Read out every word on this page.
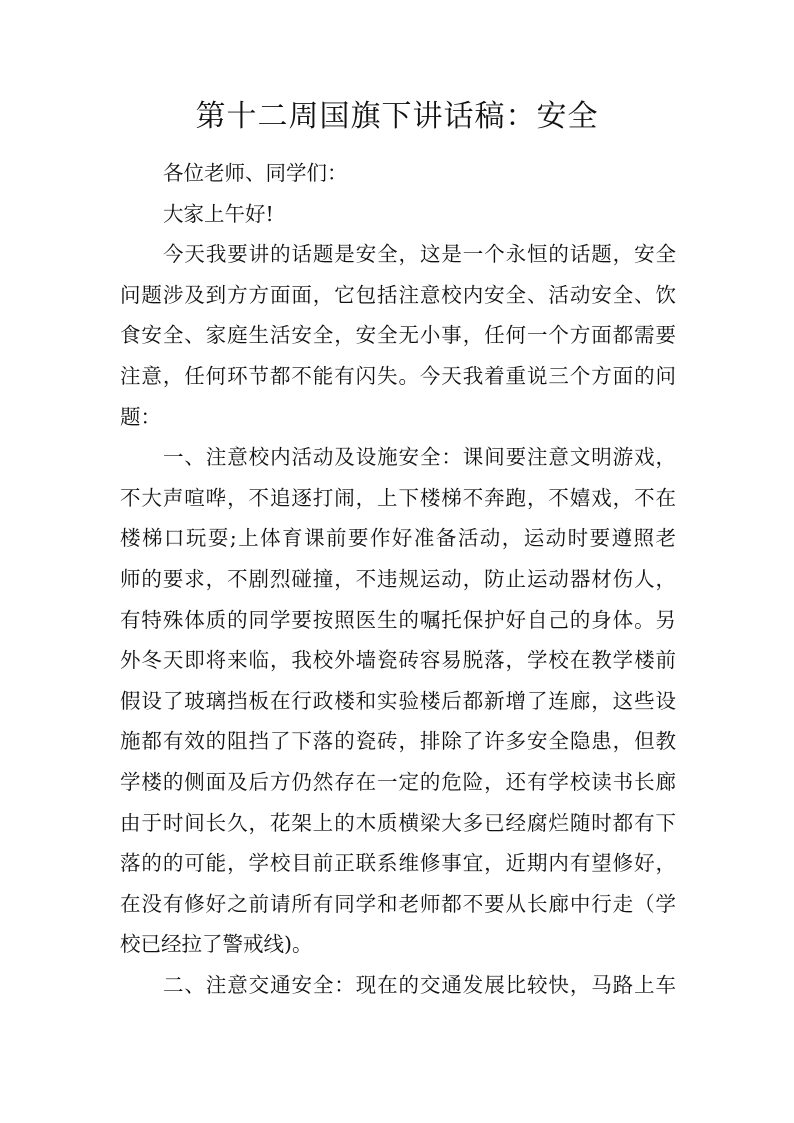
第十二周国旗下讲话稿：安全
各位老师、同学们：
大家上午好!
今天我要讲的话题是安全，这是一个永恒的话题，安全
问题涉及到方方面面，它包括注意校内安全、活动安全、饮
食安全、家庭生活安全，安全无小事，任何一个方面都需要
注意，任何环节都不能有闪失。今天我着重说三个方面的问
题：
一、注意校内活动及设施安全：课间要注意文明游戏，
不大声喧哗，不追逐打闹，上下楼梯不奔跑，不嬉戏，不在
楼梯口玩耍;上体育课前要作好准备活动，运动时要遵照老
师的要求，不剧烈碰撞，不违规运动，防止运动器材伤人，
有特殊体质的同学要按照医生的嘱托保护好自己的身体。另
外冬天即将来临，我校外墙瓷砖容易脱落，学校在教学楼前
假设了玻璃挡板在行政楼和实验楼后都新增了连廊，这些设
施都有效的阻挡了下落的瓷砖，排除了许多安全隐患，但教
学楼的侧面及后方仍然存在一定的危险，还有学校读书长廊
由于时间长久，花架上的木质横梁大多已经腐烂随时都有下
落的的可能，学校目前正联系维修事宜，近期内有望修好，
在没有修好之前请所有同学和老师都不要从长廊中行走（学
校已经拉了警戒线)。
二、注意交通安全：现在的交通发展比较快，马路上车
